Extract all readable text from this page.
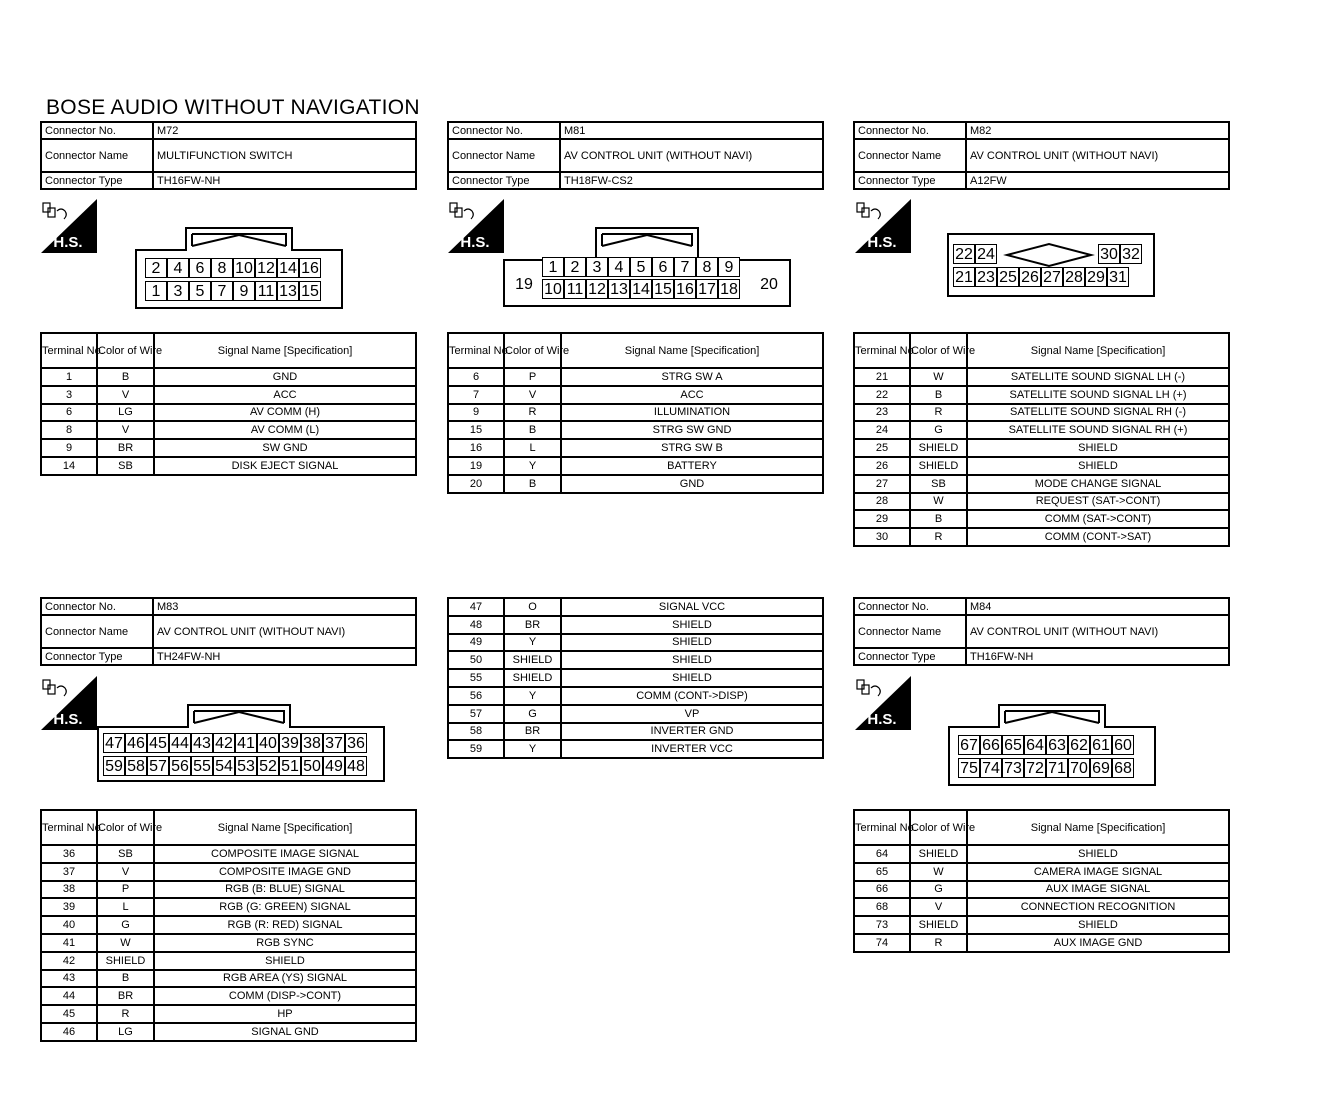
BOSE AUDIO WITHOUT NAVIGATION
Connector No.	M72
Connector Name	MULTIFUNCTION SWITCH
Connector Type	TH16FW-NH
H.S.
2 4 6 8 10 12 14 16
1 3 5 7 9 11 13 15
Terminal No.	Color of Wire	Signal Name [Specification]
1	B	GND
3	V	ACC
6	LG	AV COMM (H)
8	V	AV COMM (L)
9	BR	SW GND
14	SB	DISK EJECT SIGNAL
Connector No.	M81
Connector Name	AV CONTROL UNIT (WITHOUT NAVI)
Connector Type	TH18FW-CS2
H.S.
19	20
1 2 3 4 5 6 7 8 9
10 11 12 13 14 15 16 17 18
Terminal No.	Color of Wire	Signal Name [Specification]
6	P	STRG SW A
7	V	ACC
9	R	ILLUMINATION
15	B	STRG SW GND
16	L	STRG SW B
19	Y	BATTERY
20	B	GND
Connector No.	M82
Connector Name	AV CONTROL UNIT (WITHOUT NAVI)
Connector Type	A12FW
H.S.
22 24	30 32
21 23 25 26 27 28 29 31
Terminal No.	Color of Wire	Signal Name [Specification]
21	W	SATELLITE SOUND SIGNAL LH (-)
22	B	SATELLITE SOUND SIGNAL LH (+)
23	R	SATELLITE SOUND SIGNAL RH (-)
24	G	SATELLITE SOUND SIGNAL RH (+)
25	SHIELD	SHIELD
26	SHIELD	SHIELD
27	SB	MODE CHANGE SIGNAL
28	W	REQUEST (SAT->CONT)
29	B	COMM (SAT->CONT)
30	R	COMM (CONT->SAT)
Connector No.	M83
Connector Name	AV CONTROL UNIT (WITHOUT NAVI)
Connector Type	TH24FW-NH
H.S.
47 46 45 44 43 42 41 40 39 38 37 36
59 58 57 56 55 54 53 52 51 50 49 48
Terminal No.	Color of Wire	Signal Name [Specification]
36	SB	COMPOSITE IMAGE SIGNAL
37	V	COMPOSITE IMAGE GND
38	P	RGB (B: BLUE) SIGNAL
39	L	RGB (G: GREEN) SIGNAL
40	G	RGB (R: RED) SIGNAL
41	W	RGB SYNC
42	SHIELD	SHIELD
43	B	RGB AREA (YS) SIGNAL
44	BR	COMM (DISP->CONT)
45	R	HP
46	LG	SIGNAL GND
47	O	SIGNAL VCC
48	BR	SHIELD
49	Y	SHIELD
50	SHIELD	SHIELD
55	SHIELD	SHIELD
56	Y	COMM (CONT->DISP)
57	G	VP
58	BR	INVERTER GND
59	Y	INVERTER VCC
Connector No.	M84
Connector Name	AV CONTROL UNIT (WITHOUT NAVI)
Connector Type	TH16FW-NH
H.S.
67 66 65 64 63 62 61 60
75 74 73 72 71 70 69 68
Terminal No.	Color of Wire	Signal Name [Specification]
64	SHIELD	SHIELD
65	W	CAMERA IMAGE SIGNAL
66	G	AUX IMAGE SIGNAL
68	V	CONNECTION RECOGNITION
73	SHIELD	SHIELD
74	R	AUX IMAGE GND
